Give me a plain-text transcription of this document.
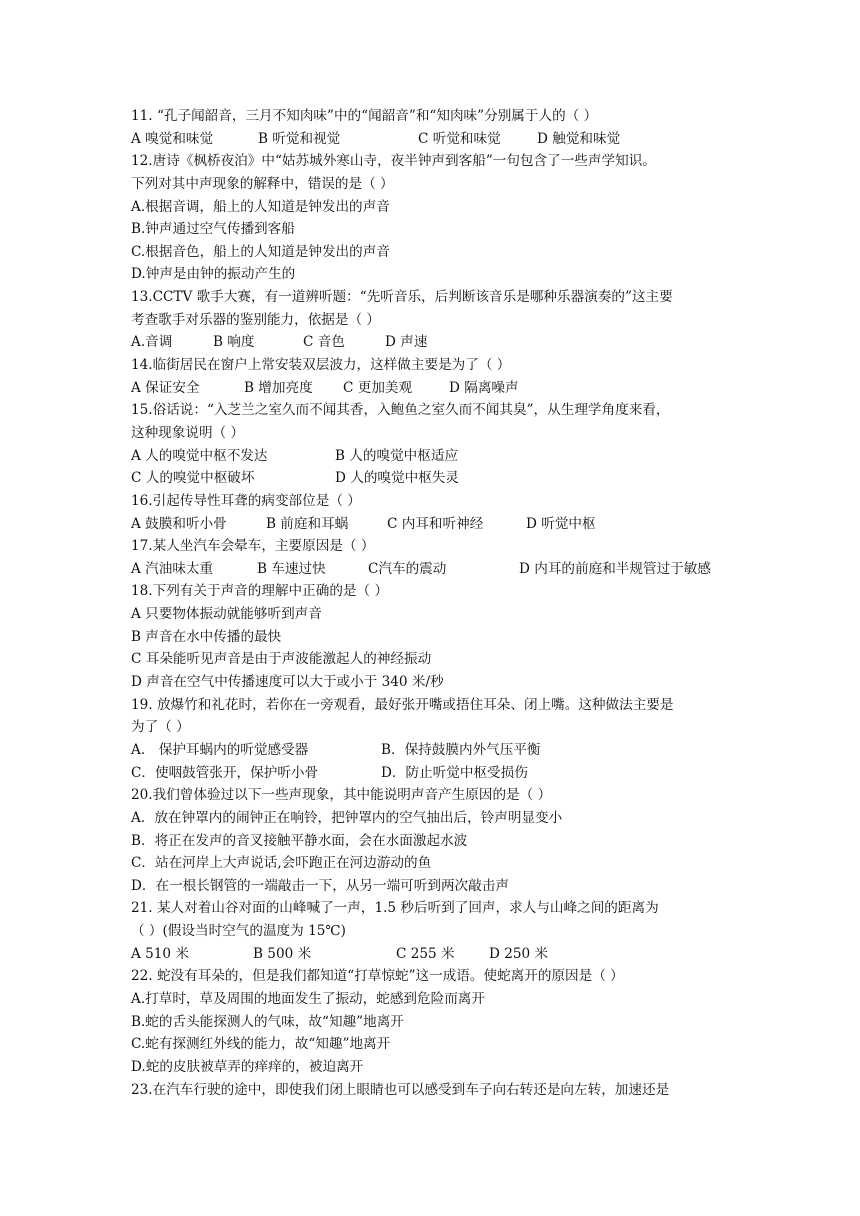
11. “孔子闻韶音，三月不知肉味”中的“闻韶音”和“知肉味”分别属于人的（ ）
A 嗅觉和味觉	B 听觉和视觉	C 听觉和味觉	D 触觉和味觉
12.唐诗《枫桥夜泊》中“姑苏城外寒山寺，夜半钟声到客船”一句包含了一些声学知识。
下列对其中声现象的解释中，错误的是（ ）
A.根据音调，船上的人知道是钟发出的声音
B.钟声通过空气传播到客船
C.根据音色，船上的人知道是钟发出的声音
D.钟声是由钟的振动产生的
13.CCTV 歌手大赛，有一道辨听题：“先听音乐，后判断该音乐是哪种乐器演奏的”这主要
考查歌手对乐器的鉴别能力，依据是（ ）
A.音调	B 响度	C 音色	D 声速
14.临街居民在窗户上常安装双层波力，这样做主要是为了（ ）
A 保证安全	B 增加亮度 C 更加美观	D 隔离噪声
15.俗话说：“入芝兰之室久而不闻其香，入鲍鱼之室久而不闻其臭”，从生理学角度来看，
这种现象说明（ ）
A 人的嗅觉中枢不发达	B 人的嗅觉中枢适应
C 人的嗅觉中枢破坏	D 人的嗅觉中枢失灵
16.引起传导性耳聋的病变部位是（ ）
A 鼓膜和听小骨	B 前庭和耳蜗	C 内耳和听神经	D 听觉中枢
17.某人坐汽车会晕车，主要原因是（ ）
A 汽油味太重	B 车速过快	C汽车的震动	D 内耳的前庭和半规管过于敏感
18.下列有关于声音的理解中正确的是（ ）
A 只要物体振动就能够听到声音
B 声音在水中传播的最快
C 耳朵能听见声音是由于声波能激起人的神经振动
D 声音在空气中传播速度可以大于或小于 340 米/秒
19. 放爆竹和礼花时，若你在一旁观看，最好张开嘴或捂住耳朵、闭上嘴。这种做法主要是
为了（ ）
A． 保护耳蜗内的听觉感受器	B．保持鼓膜内外气压平衡
C．使咽鼓管张开，保护听小骨	D．防止听觉中枢受损伤
20.我们曾体验过以下一些声现象，其中能说明声音产生原因的是（ ）
A．放在钟罩内的闹钟正在响铃，把钟罩内的空气抽出后，铃声明显变小
B．将正在发声的音叉接触平静水面，会在水面激起水波
C．站在河岸上大声说话,会吓跑正在河边游动的鱼
D．在一根长钢管的一端敲击一下，从另一端可听到两次敲击声
21. 某人对着山谷对面的山峰喊了一声，1.5 秒后听到了回声，求人与山峰之间的距离为
（ ）(假设当时空气的温度为 15℃)
A 510 米	B 500 米	C 255 米	D 250 米
22. 蛇没有耳朵的，但是我们都知道“打草惊蛇”这一成语。使蛇离开的原因是（ ）
A.打草时，草及周围的地面发生了振动，蛇感到危险而离开
B.蛇的舌头能探测人的气味，故“知趣”地离开
C.蛇有探测红外线的能力，故“知趣”地离开
D.蛇的皮肤被草弄的痒痒的，被迫离开
23.在汽车行驶的途中，即使我们闭上眼睛也可以感受到车子向右转还是向左转，加速还是
